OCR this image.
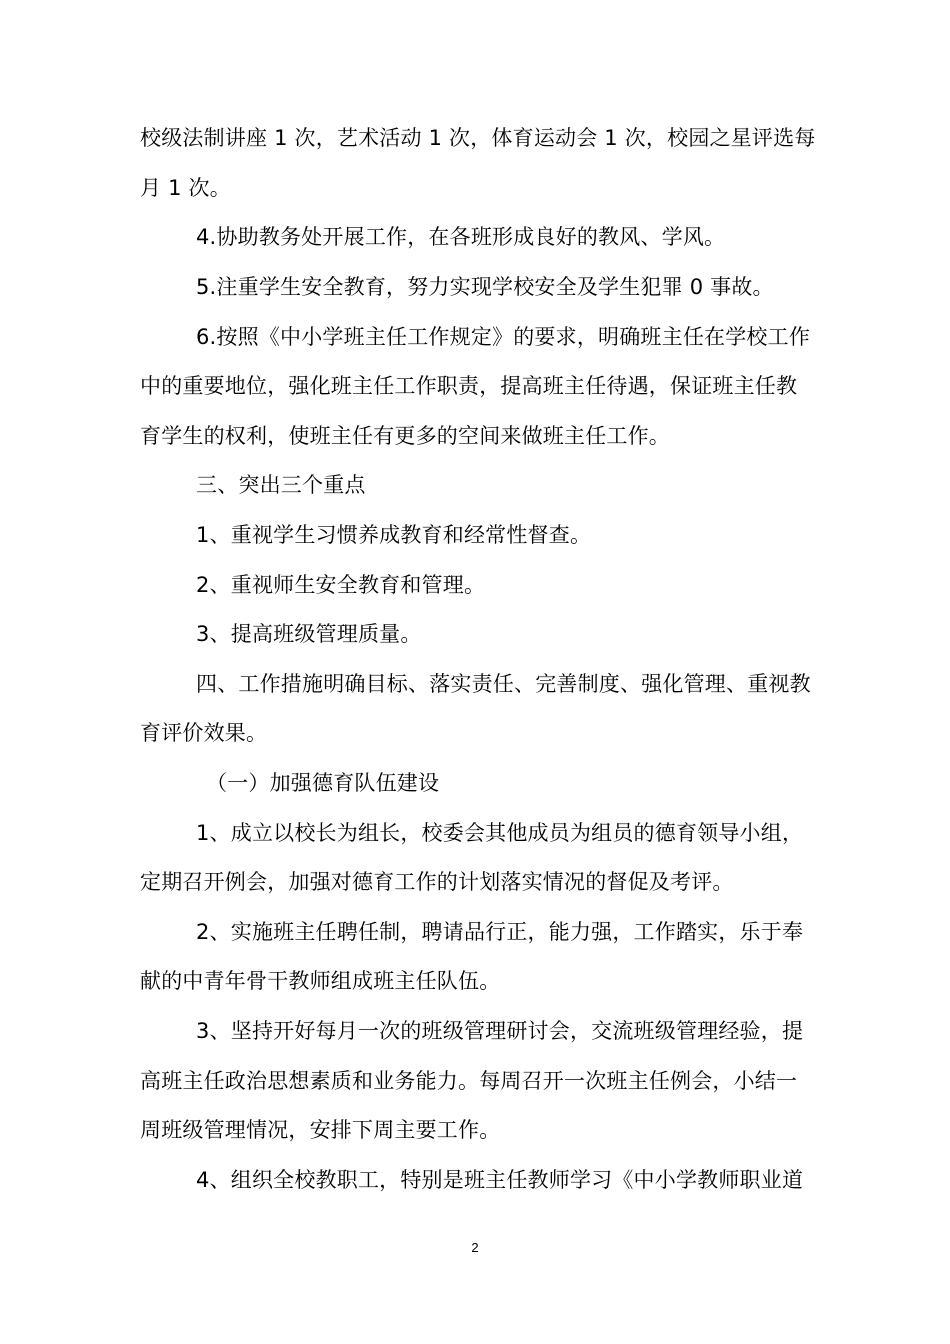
校级法制讲座 1 次，艺术活动 1 次，体育运动会 1 次，校园之星评选每
月 1 次。
4.协助教务处开展工作，在各班形成良好的教风、学风。
5.注重学生安全教育，努力实现学校安全及学生犯罪 0 事故。
6.按照《中小学班主任工作规定》的要求，明确班主任在学校工作
中的重要地位，强化班主任工作职责，提高班主任待遇，保证班主任教
育学生的权利，使班主任有更多的空间来做班主任工作。
三、突出三个重点
1、重视学生习惯养成教育和经常性督查。
2、重视师生安全教育和管理。
3、提高班级管理质量。
四、工作措施明确目标、落实责任、完善制度、强化管理、重视教
育评价效果。
（一）加强德育队伍建设
1、成立以校长为组长，校委会其他成员为组员的德育领导小组，
定期召开例会，加强对德育工作的计划落实情况的督促及考评。
2、实施班主任聘任制，聘请品行正，能力强，工作踏实，乐于奉
献的中青年骨干教师组成班主任队伍。
3、坚持开好每月一次的班级管理研讨会，交流班级管理经验，提
高班主任政治思想素质和业务能力。每周召开一次班主任例会，小结一
周班级管理情况，安排下周主要工作。
4、组织全校教职工，特别是班主任教师学习《中小学教师职业道
2
